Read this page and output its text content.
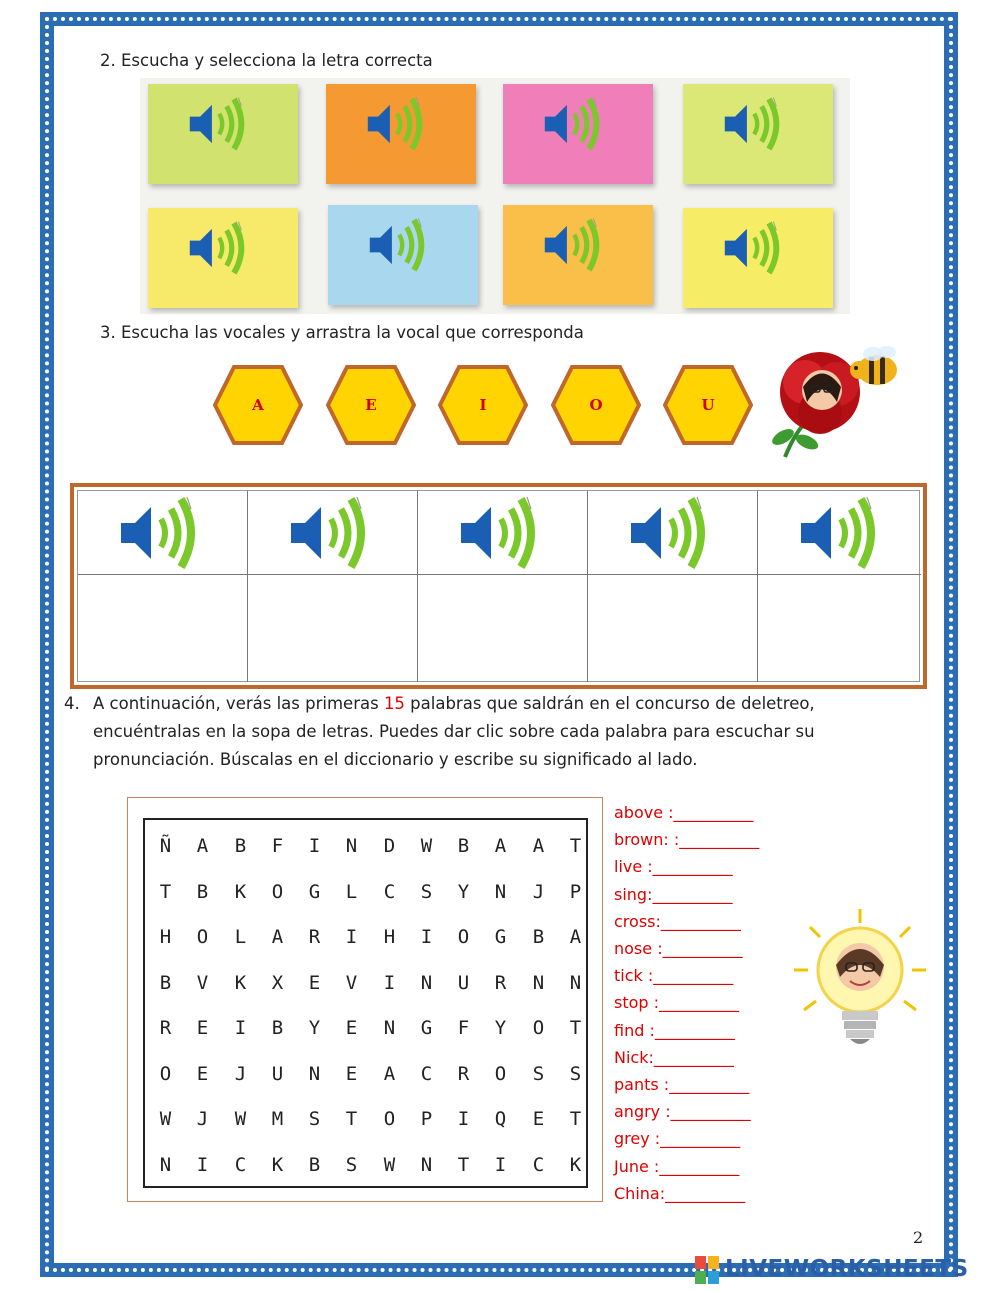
2. Escucha y selecciona la letra correcta
3. Escucha las vocales y arrastra la vocal que corresponda
A	E	I	O	U
4. A continuación, verás las primeras 15 palabras que saldrán en el concurso de deletreo, encuéntralas en la sopa de letras. Puedes dar clic sobre cada palabra para escuchar su pronunciación. Búscalas en el diccionario y escribe su significado al lado.
Ñ	A	B	F	I	N	D	W	B	A	A	T
T	B	K	O	G	L	C	S	Y	N	J	P
H	O	L	A	R	I	H	I	O	G	B	A
B	V	K	X	E	V	I	N	U	R	N	N
R	E	I	B	Y	E	N	G	F	Y	O	T
O	E	J	U	N	E	A	C	R	O	S	S
W	J	W	M	S	T	O	P	I	Q	E	T
N	I	C	K	B	S	W	N	T	I	C	K
above :__________
brown: :__________
live :__________
sing:__________
cross:__________
nose :__________
tick :__________
stop :__________
find :__________
Nick:__________
pants :__________
angry :__________
grey :__________
June :__________
China:__________
2
LIVEWORKSHEETS
